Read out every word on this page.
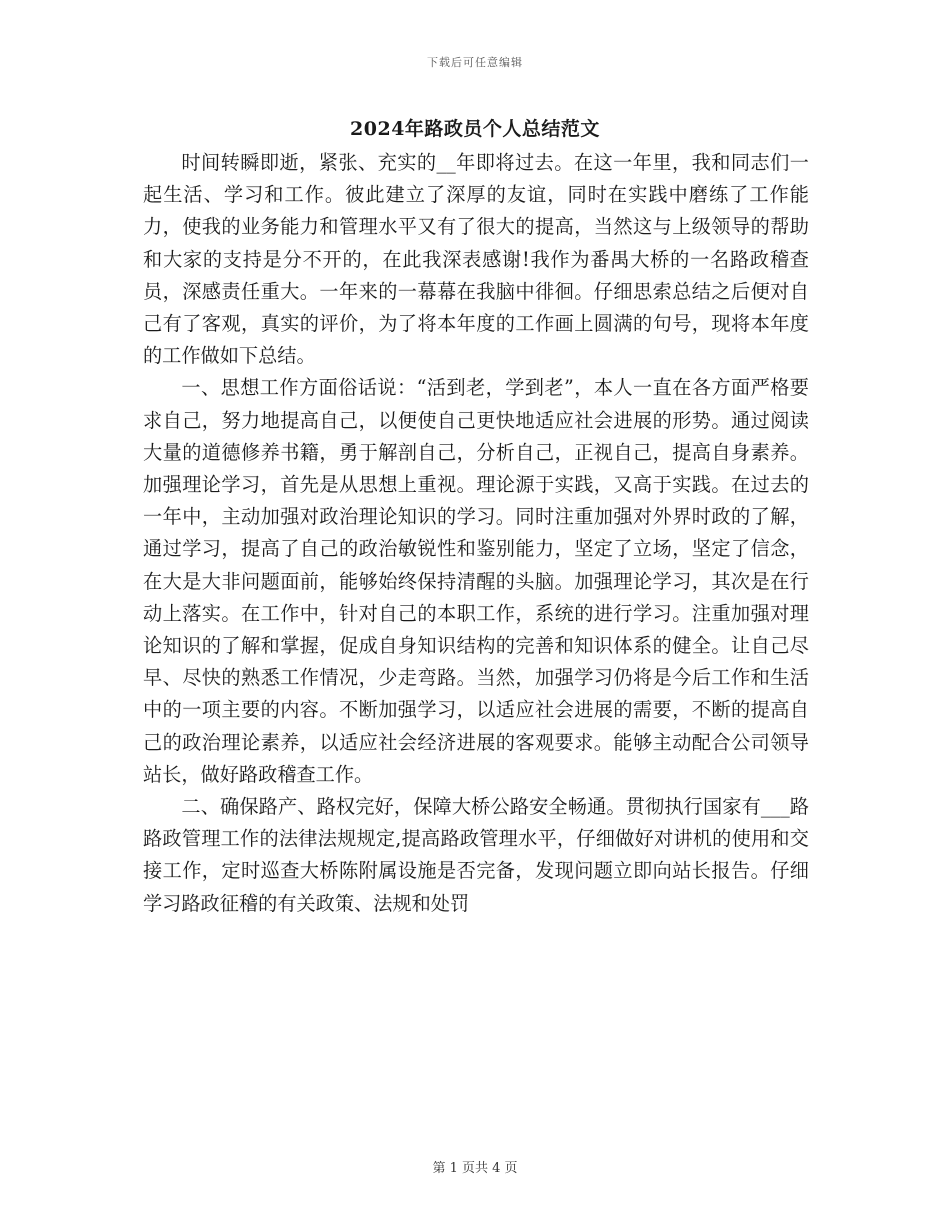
下载后可任意编辑
2024年路政员个人总结范文

时间转瞬即逝，紧张、充实的__年即将过去。在这一年里，我和同志们一起生活、学习和工作。彼此建立了深厚的友谊，同时在实践中磨练了工作能力，使我的业务能力和管理水平又有了很大的提高，当然这与上级领导的帮助和大家的支持是分不开的，在此我深表感谢!我作为番禺大桥的一名路政稽查员，深感责任重大。一年来的一幕幕在我脑中徘徊。仔细思索总结之后便对自己有了客观，真实的评价，为了将本年度的工作画上圆满的句号，现将本年度的工作做如下总结。

一、思想工作方面俗话说：“活到老，学到老”，本人一直在各方面严格要求自己，努力地提高自己，以便使自己更快地适应社会进展的形势。通过阅读大量的道德修养书籍，勇于解剖自己，分析自己，正视自己，提高自身素养。加强理论学习，首先是从思想上重视。理论源于实践，又高于实践。在过去的一年中，主动加强对政治理论知识的学习。同时注重加强对外界时政的了解，通过学习，提高了自己的政治敏锐性和鉴别能力，坚定了立场，坚定了信念，在大是大非问题面前，能够始终保持清醒的头脑。加强理论学习，其次是在行动上落实。在工作中，针对自己的本职工作，系统的进行学习。注重加强对理论知识的了解和掌握，促成自身知识结构的完善和知识体系的健全。让自己尽早、尽快的熟悉工作情况，少走弯路。当然，加强学习仍将是今后工作和生活中的一项主要的内容。不断加强学习，以适应社会进展的需要，不断的提高自己的政治理论素养，以适应社会经济进展的客观要求。能够主动配合公司领导站长，做好路政稽查工作。

二、确保路产、路权完好，保障大桥公路安全畅通。贯彻执行国家有___路路政管理工作的法律法规规定,提高路政管理水平，仔细做好对讲机的使用和交接工作，定时巡查大桥陈附属设施是否完备，发现问题立即向站长报告。仔细学习路政征稽的有关政策、法规和处罚

第 1 页共 4 页
